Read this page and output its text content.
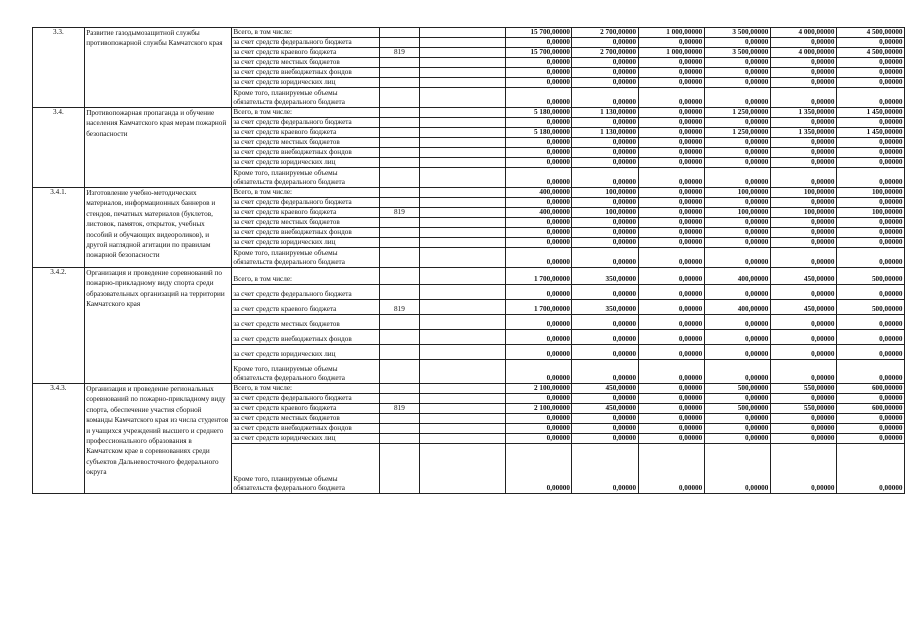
3.3.	Развитие газодымозащитной службы противопожарной службы Камчатского края	Всего, в том числе:			15 700,00000	2 700,00000	1 000,00000	3 500,00000	4 000,00000	4 500,00000
		за счет средств федерального бюджета			0,00000	0,00000	0,00000	0,00000	0,00000	0,00000
		за счет средств краевого бюджета	819		15 700,00000	2 700,00000	1 000,00000	3 500,00000	4 000,00000	4 500,00000
		за счет средств местных бюджетов			0,00000	0,00000	0,00000	0,00000	0,00000	0,00000
		за счет средств внебюджетных фондов			0,00000	0,00000	0,00000	0,00000	0,00000	0,00000
		за счет средств юридических лиц			0,00000	0,00000	0,00000	0,00000	0,00000	0,00000
		Кроме того, планируемые объемы обязательств федерального бюджета			0,00000	0,00000	0,00000	0,00000	0,00000	0,00000
3.4.	Противопожарная пропаганда и обучение населения Камчатского края мерам пожарной безопасности	Всего, в том числе:			5 180,00000	1 130,00000	0,00000	1 250,00000	1 350,00000	1 450,00000
		за счет средств федерального бюджета			0,00000	0,00000	0,00000	0,00000	0,00000	0,00000
		за счет средств краевого бюджета			5 180,00000	1 130,00000	0,00000	1 250,00000	1 350,00000	1 450,00000
		за счет средств местных бюджетов			0,00000	0,00000	0,00000	0,00000	0,00000	0,00000
		за счет средств внебюджетных фондов			0,00000	0,00000	0,00000	0,00000	0,00000	0,00000
		за счет средств юридических лиц			0,00000	0,00000	0,00000	0,00000	0,00000	0,00000
		Кроме того, планируемые объемы обязательств федерального бюджета			0,00000	0,00000	0,00000	0,00000	0,00000	0,00000
3.4.1.	Изготовление учебно-методических материалов, информационных баннеров и стендов, печатных материалов (буклетов, листовок, памяток, открыток, учебных пособий и обучающих видеороликов), и другой наглядной агитации по правилам пожарной безопасности	Всего, в том числе:			400,00000	100,00000	0,00000	100,00000	100,00000	100,00000
		за счет средств федерального бюджета			0,00000	0,00000	0,00000	0,00000	0,00000	0,00000
		за счет средств краевого бюджета	819		400,00000	100,00000	0,00000	100,00000	100,00000	100,00000
		за счет средств местных бюджетов			0,00000	0,00000	0,00000	0,00000	0,00000	0,00000
		за счет средств внебюджетных фондов			0,00000	0,00000	0,00000	0,00000	0,00000	0,00000
		за счет средств юридических лиц			0,00000	0,00000	0,00000	0,00000	0,00000	0,00000
		Кроме того, планируемые объемы обязательств федерального бюджета			0,00000	0,00000	0,00000	0,00000	0,00000	0,00000
3.4.2.	Организация и проведение соревнований по пожарно-прикладному виду спорта среди образовательных организаций на территории Камчатского края	Всего, в том числе:			1 700,00000	350,00000	0,00000	400,00000	450,00000	500,00000
		за счет средств федерального бюджета			0,00000	0,00000	0,00000	0,00000	0,00000	0,00000
		за счет средств краевого бюджета	819		1 700,00000	350,00000	0,00000	400,00000	450,00000	500,00000
		за счет средств местных бюджетов			0,00000	0,00000	0,00000	0,00000	0,00000	0,00000
		за счет средств внебюджетных фондов			0,00000	0,00000	0,00000	0,00000	0,00000	0,00000
		за счет средств юридических лиц			0,00000	0,00000	0,00000	0,00000	0,00000	0,00000
		Кроме того, планируемые объемы обязательств федерального бюджета			0,00000	0,00000	0,00000	0,00000	0,00000	0,00000
3.4.3.	Организация и проведение региональных соревнований по пожарно-прикладному виду спорта, обеспечение участия сборной команды Камчатского края из числа студентов и учащихся учреждений высшего и среднего профессионального образования в Камчатском крае в соревнованиях среди субъектов Дальневосточного федерального округа	Всего, в том числе:			2 100,00000	450,00000	0,00000	500,00000	550,00000	600,00000
		за счет средств федерального бюджета			0,00000	0,00000	0,00000	0,00000	0,00000	0,00000
		за счет средств краевого бюджета	819		2 100,00000	450,00000	0,00000	500,00000	550,00000	600,00000
		за счет средств местных бюджетов			0,00000	0,00000	0,00000	0,00000	0,00000	0,00000
		за счет средств внебюджетных фондов			0,00000	0,00000	0,00000	0,00000	0,00000	0,00000
		за счет средств юридических лиц			0,00000	0,00000	0,00000	0,00000	0,00000	0,00000
		Кроме того, планируемые объемы обязательств федерального бюджета			0,00000	0,00000	0,00000	0,00000	0,00000	0,00000
